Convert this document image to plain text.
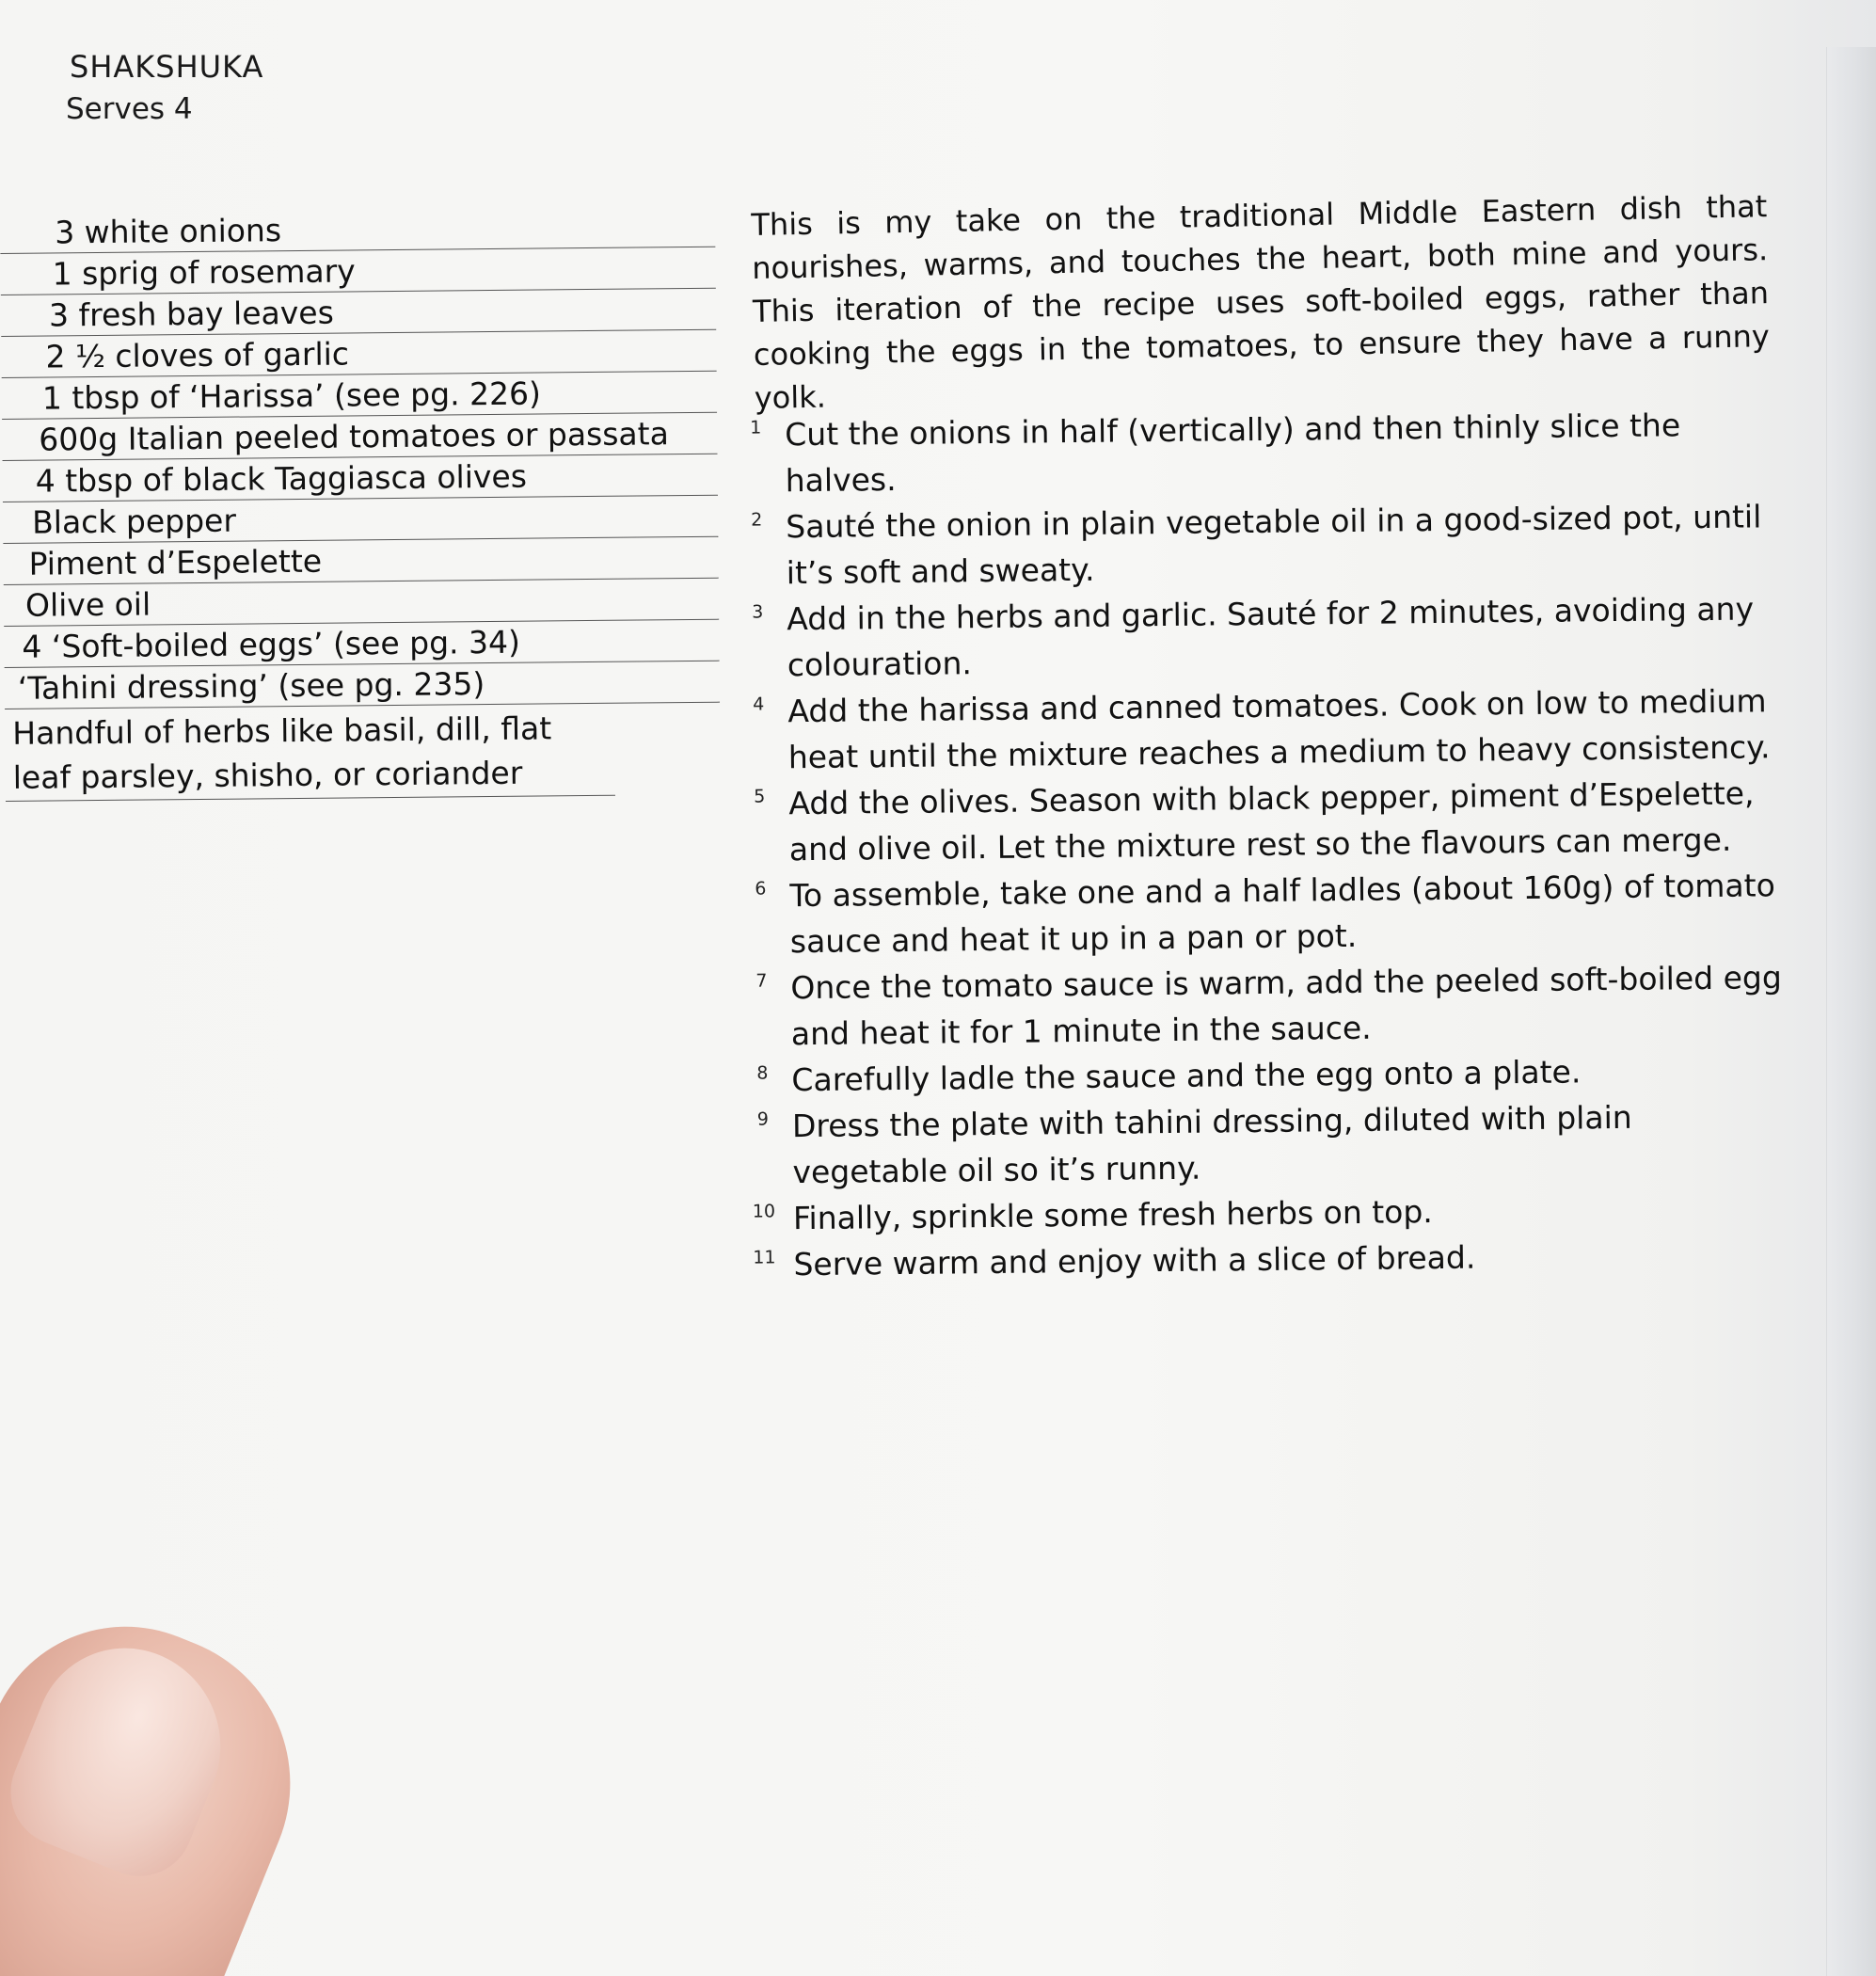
SHAKSHUKA
Serves 4
3 white onions
1 sprig of rosemary
3 fresh bay leaves
2 ½ cloves of garlic
1 tbsp of ‘Harissa’ (see pg. 226)
600g Italian peeled tomatoes or passata
4 tbsp of black Taggiasca olives
Black pepper
Piment d’Espelette
Olive oil
4 ‘Soft-boiled eggs’ (see pg. 34)
‘Tahini dressing’ (see pg. 235)
Handful of herbs like basil, dill, flat leaf parsley, shisho, or coriander
This is my take on the traditional Middle Eastern dish that nourishes, warms, and touches the heart, both mine and yours. This iteration of the recipe uses soft-boiled eggs, rather than cooking the eggs in the tomatoes, to ensure they have a runny yolk.
1 Cut the onions in half (vertically) and then thinly slice the halves.
2 Sauté the onion in plain vegetable oil in a good-sized pot, until it’s soft and sweaty.
3 Add in the herbs and garlic. Sauté for 2 minutes, avoiding any colouration.
4 Add the harissa and canned tomatoes. Cook on low to medium heat until the mixture reaches a medium to heavy consistency.
5 Add the olives. Season with black pepper, piment d’Espelette, and olive oil. Let the mixture rest so the flavours can merge.
6 To assemble, take one and a half ladles (about 160g) of tomato sauce and heat it up in a pan or pot.
7 Once the tomato sauce is warm, add the peeled soft-boiled egg and heat it for 1 minute in the sauce.
8 Carefully ladle the sauce and the egg onto a plate.
9 Dress the plate with tahini dressing, diluted with plain vegetable oil so it’s runny.
10 Finally, sprinkle some fresh herbs on top.
11 Serve warm and enjoy with a slice of bread.
